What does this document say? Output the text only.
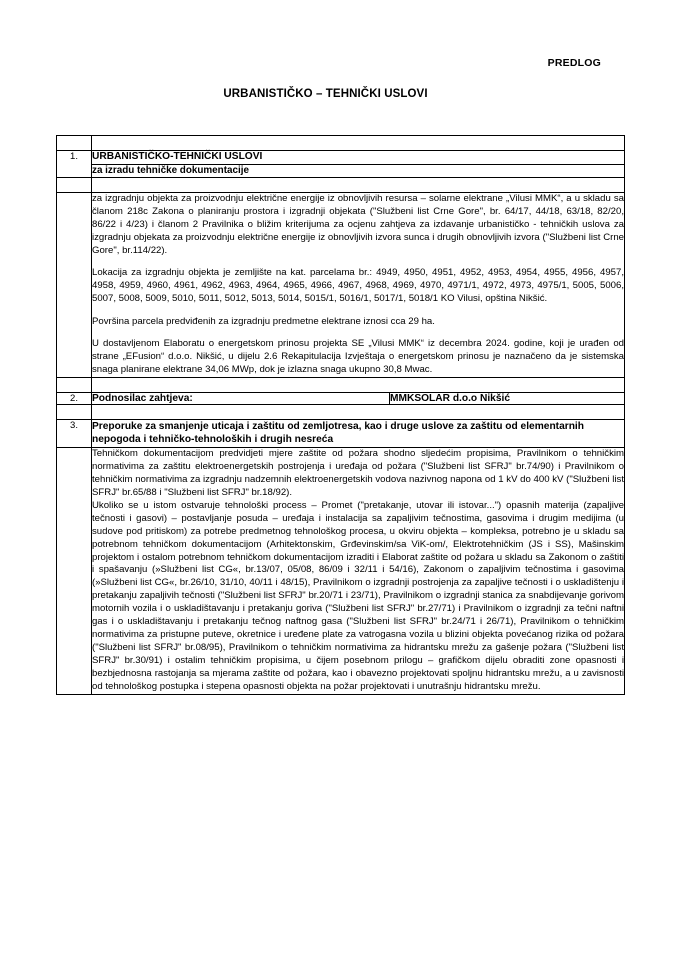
PREDLOG
URBANISTIČKO – TEHNIČKI USLOVI

1.	URBANISTIČKO-TEHNIČKI USLOVI
za izradu tehničke dokumentacije

za izgradnju objekta za proizvodnju električne energije iz obnovljivih resursa – solarne elektrane „Vilusi MMK“, a u skladu sa članom 218c Zakona o planiranju prostora i izgradnji objekata ("Službeni list Crne Gore", br. 64/17, 44/18, 63/18, 82/20, 86/22 i 4/23) i članom 2 Pravilnika o bližim kriterijuma za ocjenu zahtjeva za izdavanje urbanističko - tehničkih uslova za izgradnju objekata za proizvodnju električne energije iz obnovljivih izvora sunca i drugih obnovljivih izvora ("Službeni list Crne Gore", br.114/22).

Lokacija za izgradnju objekta je zemljište na kat. parcelama br.: 4949, 4950, 4951, 4952, 4953, 4954, 4955, 4956, 4957, 4958, 4959, 4960, 4961, 4962, 4963, 4964, 4965, 4966, 4967, 4968, 4969, 4970, 4971/1, 4972, 4973, 4975/1, 5005, 5006, 5007, 5008, 5009, 5010, 5011, 5012, 5013, 5014, 5015/1, 5016/1, 5017/1, 5018/1 KO Vilusi, opština Nikšić.

Površina parcela predviđenih za izgradnju predmetne elektrane iznosi cca 29 ha.

U dostavljenom Elaboratu o energetskom prinosu projekta SE „Vilusi MMK“ iz decembra 2024. godine, koji je urađen od strane „EFusion“ d.o.o. Nikšić, u dijelu 2.6 Rekapitulacija Izvještaja o energetskom prinosu je naznačeno da je sistemska snaga planirane elektrane 34,06 MWp, dok je izlazna snaga ukupno 30,8 Mwac.

2.	Podnosilac zahtjeva:	MMKSOLAR d.o.o Nikšić

3.	Preporuke za smanjenje uticaja i zaštitu od zemljotresa, kao i druge uslove za zaštitu od elementarnih nepogoda i tehničko-tehnoloških i drugih nesreća

Tehničkom dokumentacijom predvidjeti mjere zaštite od požara shodno sljedećim propisima, Pravilnikom o tehničkim normativima za zaštitu elektroenergetskih postrojenja i uređaja od požara ("Službeni list SFRJ" br.74/90) i Pravilnikom o tehničkim normativima za izgradnju nadzemnih elektroenergetskih vodova nazivnog napona od 1 kV do 400 kV ("Službeni list SFRJ" br.65/88 i "Službeni list SFRJ" br.18/92).

Ukoliko se u istom ostvaruje tehnološki process – Promet ("pretakanje, utovar ili istovar...") opasnih materija (zapaljive tečnosti i gasovi) – postavljanje posuda – uređaja i instalacija sa zapaljivim tečnostima, gasovima i drugim medijima (u sudove pod pritiskom) za potrebe predmetnog tehnološkog procesa, u okviru objekta – kompleksa, potrebno je u skladu sa potrebnom tehničkom dokumentacijom (Arhitektonskim, Grđevinskim/sa ViK-om/, Elektrotehničkim (JS i SS), Mašinskim projektom i ostalom potrebnom tehničkom dokumentacijom izraditi i Elaborat zaštite od požara u skladu sa Zakonom o zaštiti i spašavanju (»Službeni list CG«, br.13/07, 05/08, 86/09 i 32/11 i 54/16), Zakonom o zapaljivim tečnostima i gasovima (»Službeni list CG«, br.26/10, 31/10, 40/11 i 48/15), Pravilnikom o izgradnji postrojenja za zapaljive tečnosti i o uskladištenju i pretakanju zapaljivih tečnosti ("Službeni list SFRJ" br.20/71 i 23/71), Pravilnikom o izgradnji stanica za snabdijevanje gorivom motornih vozila i o uskladištavanju i pretakanju goriva ("Službeni list SFRJ" br.27/71) i Pravilnikom o izgradnji za tečni naftni gas i o uskladištavanju i pretakanju tečnog naftnog gasa ("Službeni list SFRJ" br.24/71 i 26/71), Pravilnikom o tehničkim normativima za pristupne puteve, okretnice i uređene plate za vatrogasna vozila u blizini objekta povećanog rizika od požara ("Službeni list SFRJ" br.08/95), Pravilnikom o tehničkim normativima za hidrantsku mrežu za gašenje požara ("Službeni list SFRJ" br.30/91) i ostalim tehničkim propisima, u čijem posebnom prilogu – grafičkom dijelu obraditi zone opasnosti i bezbjednosna rastojanja sa mjerama zaštite od požara, kao i obavezno projektovati spoljnu hidrantsku mrežu, a u zavisnosti od tehnološkog postupka i stepena opasnosti objekta na požar projektovati i unutrašnju hidrantsku mrežu.
